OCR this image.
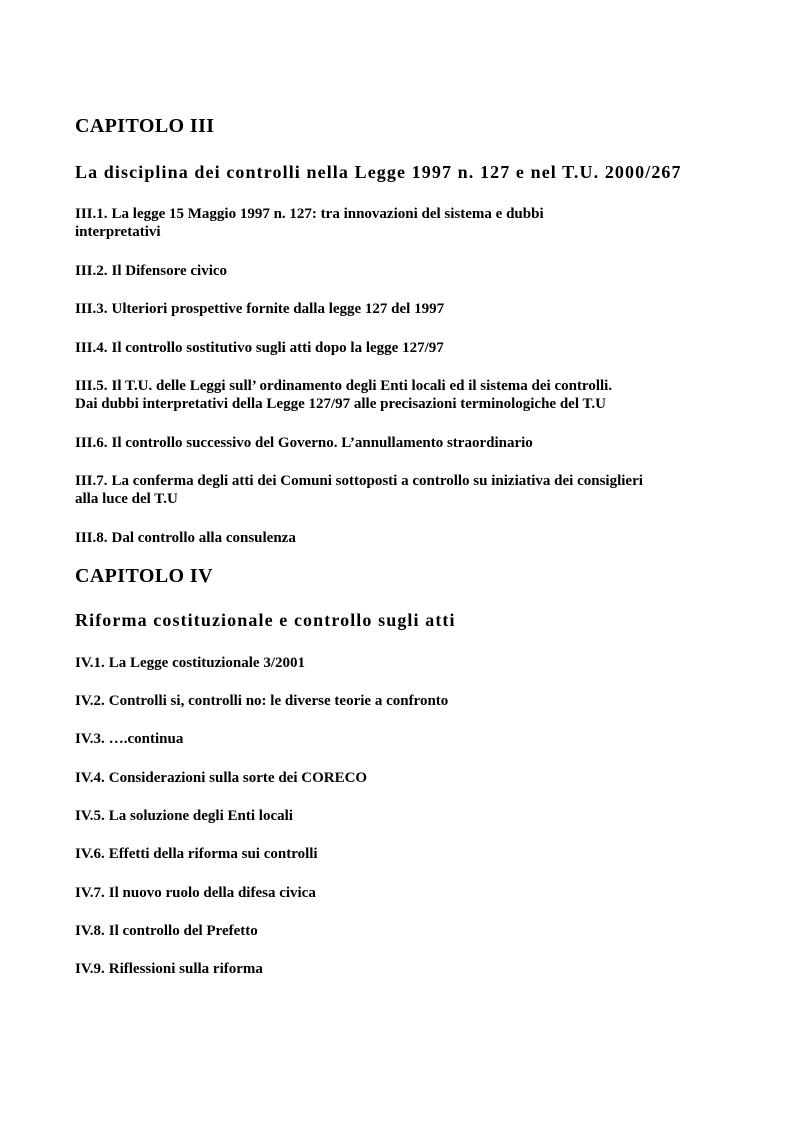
CAPITOLO III
La disciplina dei controlli nella Legge 1997 n. 127 e nel T.U. 2000/267
III.1. La legge 15 Maggio 1997 n. 127: tra innovazioni del sistema e dubbi
interpretativi
III.2. Il Difensore civico
III.3. Ulteriori prospettive fornite dalla legge 127 del 1997
III.4. Il controllo sostitutivo sugli atti dopo la legge 127/97
III.5. Il T.U. delle Leggi sull’ ordinamento degli Enti locali ed il sistema dei controlli.
Dai dubbi interpretativi della Legge 127/97 alle precisazioni terminologiche del T.U
III.6. Il controllo successivo del Governo. L’annullamento straordinario
III.7. La conferma degli atti dei Comuni sottoposti a controllo su iniziativa dei consiglieri
alla luce del T.U
III.8. Dal controllo alla consulenza
CAPITOLO IV
Riforma costituzionale e controllo sugli atti
IV.1. La Legge costituzionale 3/2001
IV.2. Controlli si, controlli no: le diverse teorie a confronto
IV.3. ….continua
IV.4. Considerazioni sulla sorte dei CORECO
IV.5. La soluzione degli Enti locali
IV.6. Effetti della riforma sui controlli
IV.7. Il nuovo ruolo della difesa civica
IV.8. Il controllo del Prefetto
IV.9. Riflessioni sulla riforma
